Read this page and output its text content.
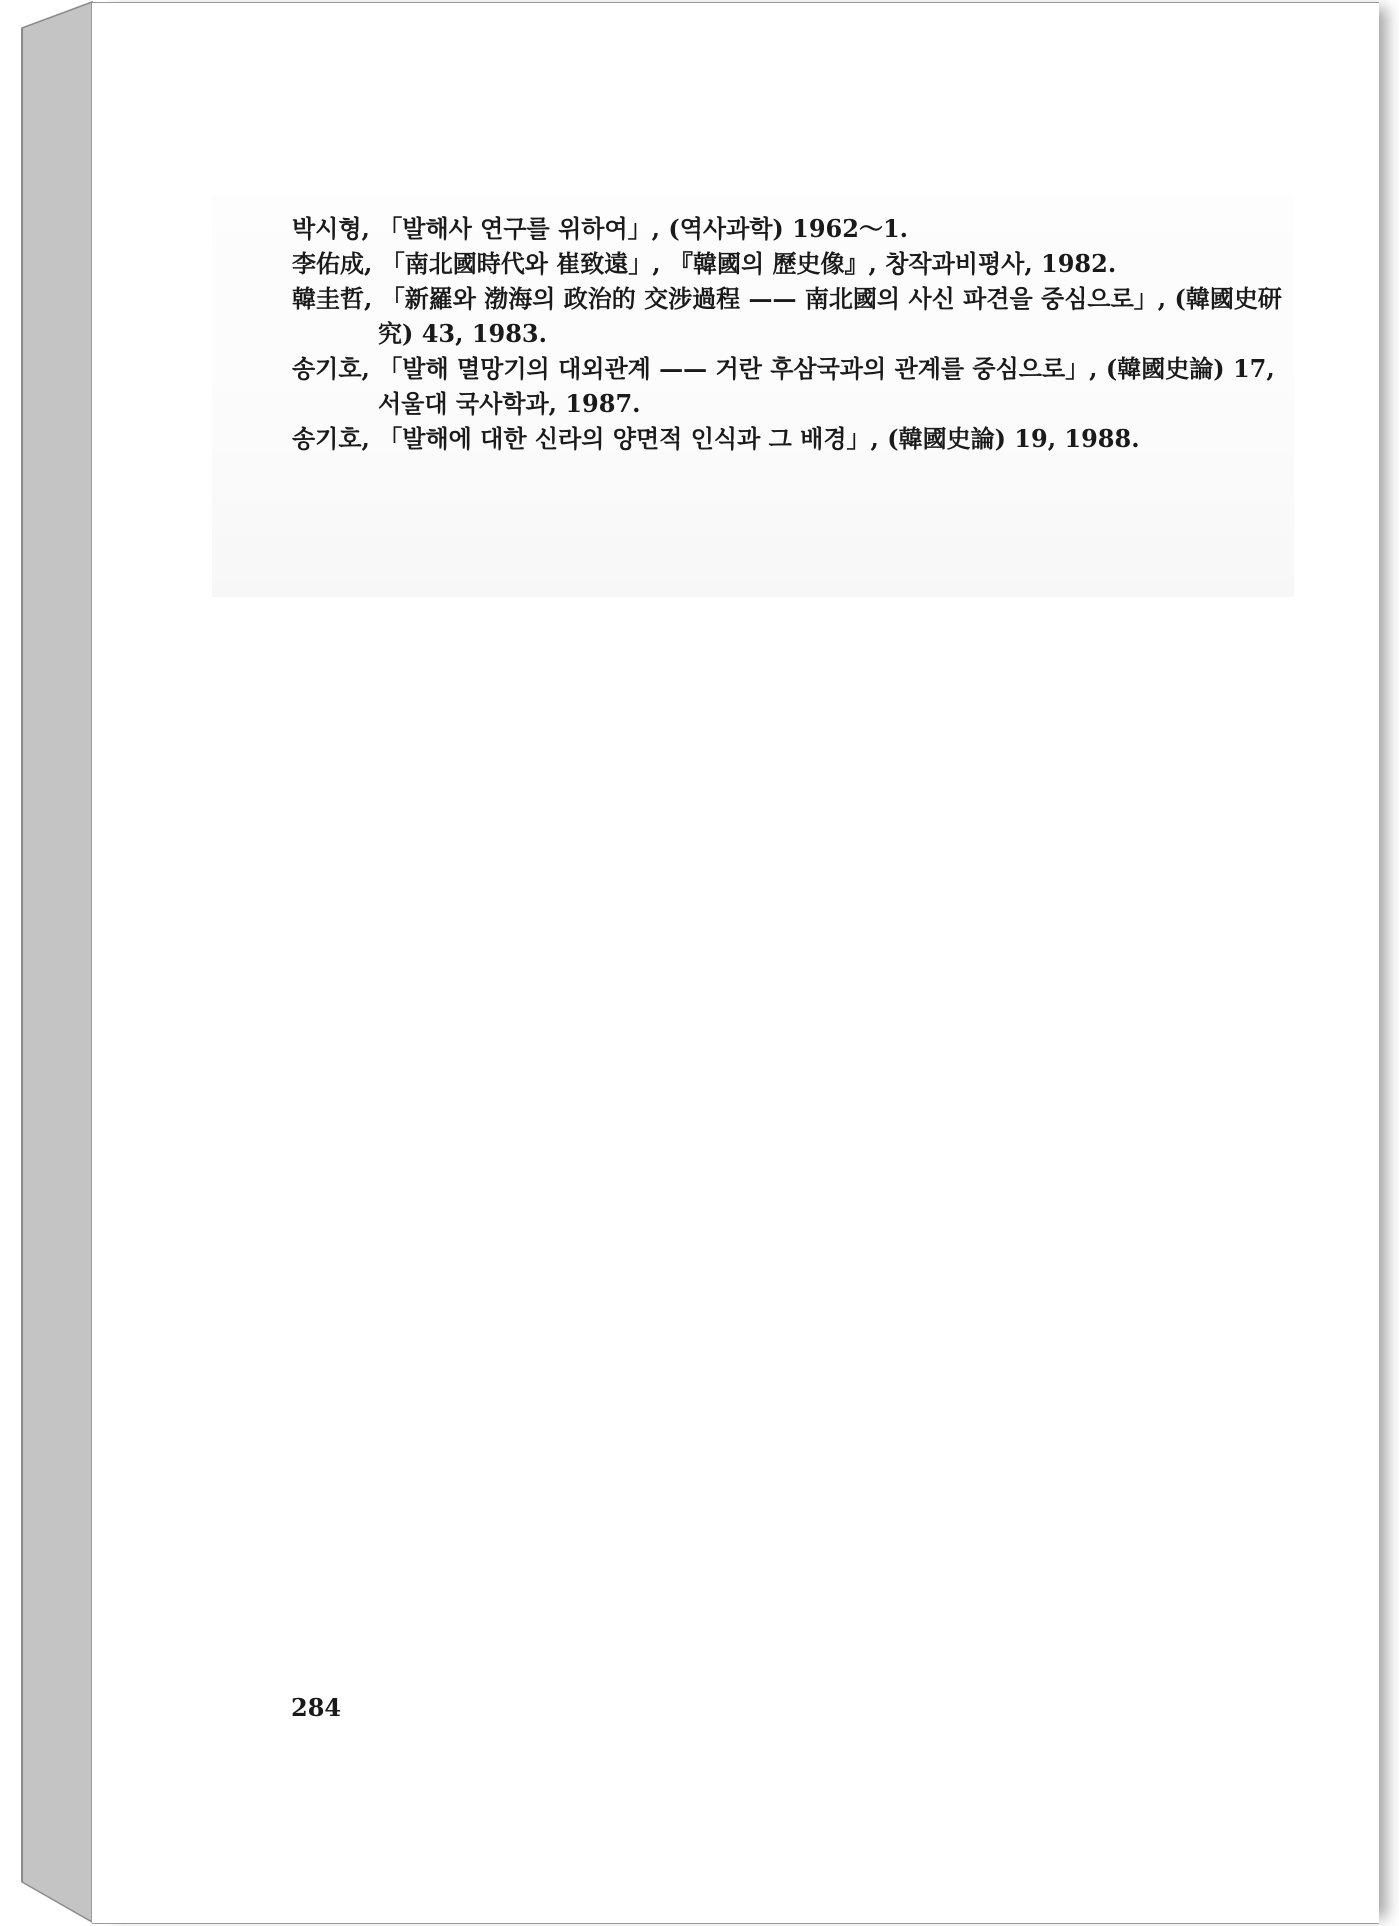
박시형, 「발해사 연구를 위하여」, (역사과학) 1962～1.

李佑成, 「南北國時代와 崔致遠」, 『韓國의 歷史像』, 창작과비평사, 1982.

韓圭哲, 「新羅와 渤海의 政治的 交涉過程 —— 南北國의 사신 파견을 중심으로」, (韓國史研究) 43, 1983.

송기호, 「발해 멸망기의 대외관계 —— 거란 후삼국과의 관계를 중심으로」, (韓國史論) 17, 서울대 국사학과, 1987.

송기호, 「발해에 대한 신라의 양면적 인식과 그 배경」, (韓國史論) 19, 1988.

284
